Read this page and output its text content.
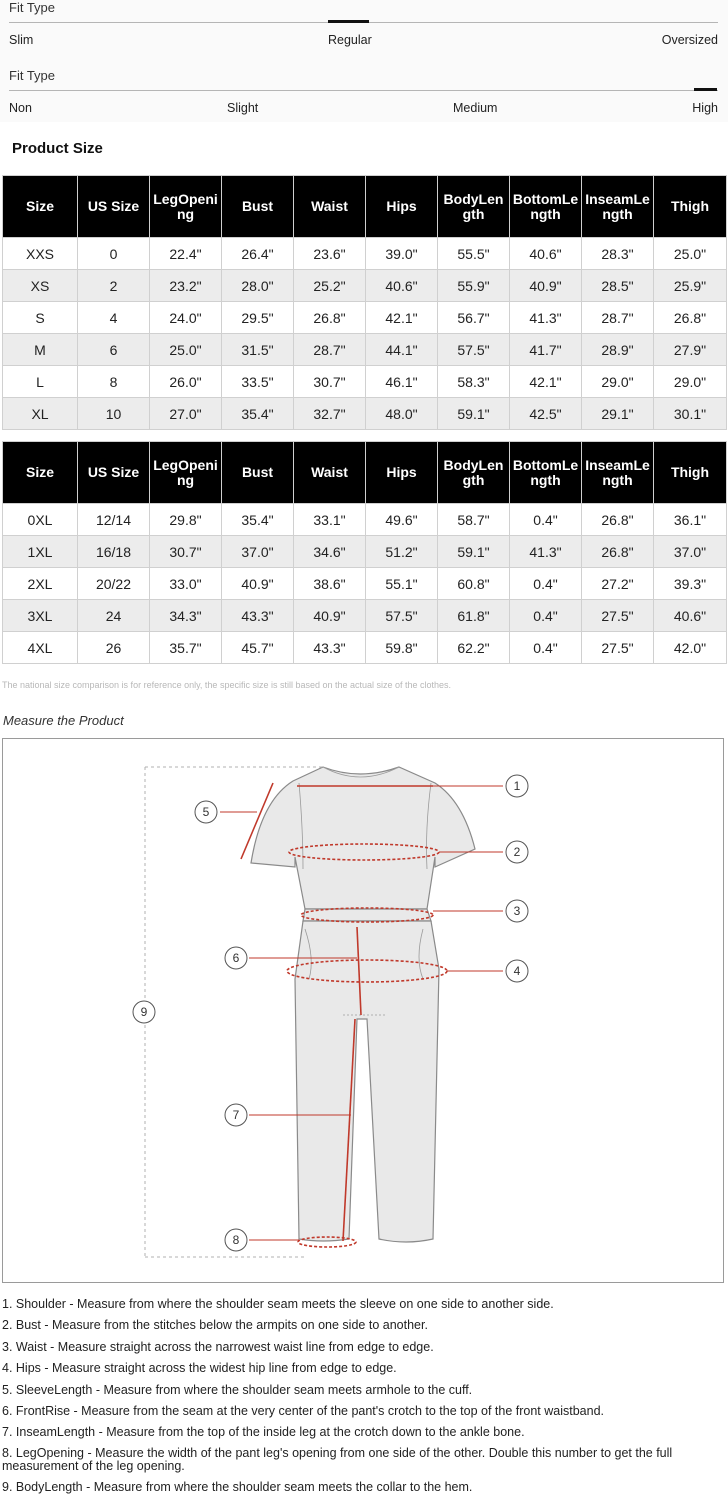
Fit Type
Slim	Regular	Oversized
Fit Type
Non	Slight	Medium	High
Product Size
Size	US Size	LegOpening	Bust	Waist	Hips	BodyLength	BottomLength	InseamLength	Thigh
XXS	0	22.4"	26.4"	23.6"	39.0"	55.5"	40.6"	28.3"	25.0"
XS	2	23.2"	28.0"	25.2"	40.6"	55.9"	40.9"	28.5"	25.9"
S	4	24.0"	29.5"	26.8"	42.1"	56.7"	41.3"	28.7"	26.8"
M	6	25.0"	31.5"	28.7"	44.1"	57.5"	41.7"	28.9"	27.9"
L	8	26.0"	33.5"	30.7"	46.1"	58.3"	42.1"	29.0"	29.0"
XL	10	27.0"	35.4"	32.7"	48.0"	59.1"	42.5"	29.1"	30.1"
Size	US Size	LegOpening	Bust	Waist	Hips	BodyLength	BottomLength	InseamLength	Thigh
0XL	12/14	29.8"	35.4"	33.1"	49.6"	58.7"	0.4"	26.8"	36.1"
1XL	16/18	30.7"	37.0"	34.6"	51.2"	59.1"	41.3"	26.8"	37.0"
2XL	20/22	33.0"	40.9"	38.6"	55.1"	60.8"	0.4"	27.2"	39.3"
3XL	24	34.3"	43.3"	40.9"	57.5"	61.8"	0.4"	27.5"	40.6"
4XL	26	35.7"	45.7"	43.3"	59.8"	62.2"	0.4"	27.5"	42.0"
The national size comparison is for reference only, the specific size is still based on the actual size of the clothes.
Measure the Product
1
2
3
4
5
6
7
8
9
1. Shoulder - Measure from where the shoulder seam meets the sleeve on one side to another side.
2. Bust - Measure from the stitches below the armpits on one side to another.
3. Waist - Measure straight across the narrowest waist line from edge to edge.
4. Hips - Measure straight across the widest hip line from edge to edge.
5. SleeveLength - Measure from where the shoulder seam meets armhole to the cuff.
6. FrontRise - Measure from the seam at the very center of the pant's crotch to the top of the front waistband.
7. InseamLength - Measure from the top of the inside leg at the crotch down to the ankle bone.
8. LegOpening - Measure the width of the pant leg's opening from one side of the other. Double this number to get the full measurement of the leg opening.
9. BodyLength - Measure from where the shoulder seam meets the collar to the hem.
